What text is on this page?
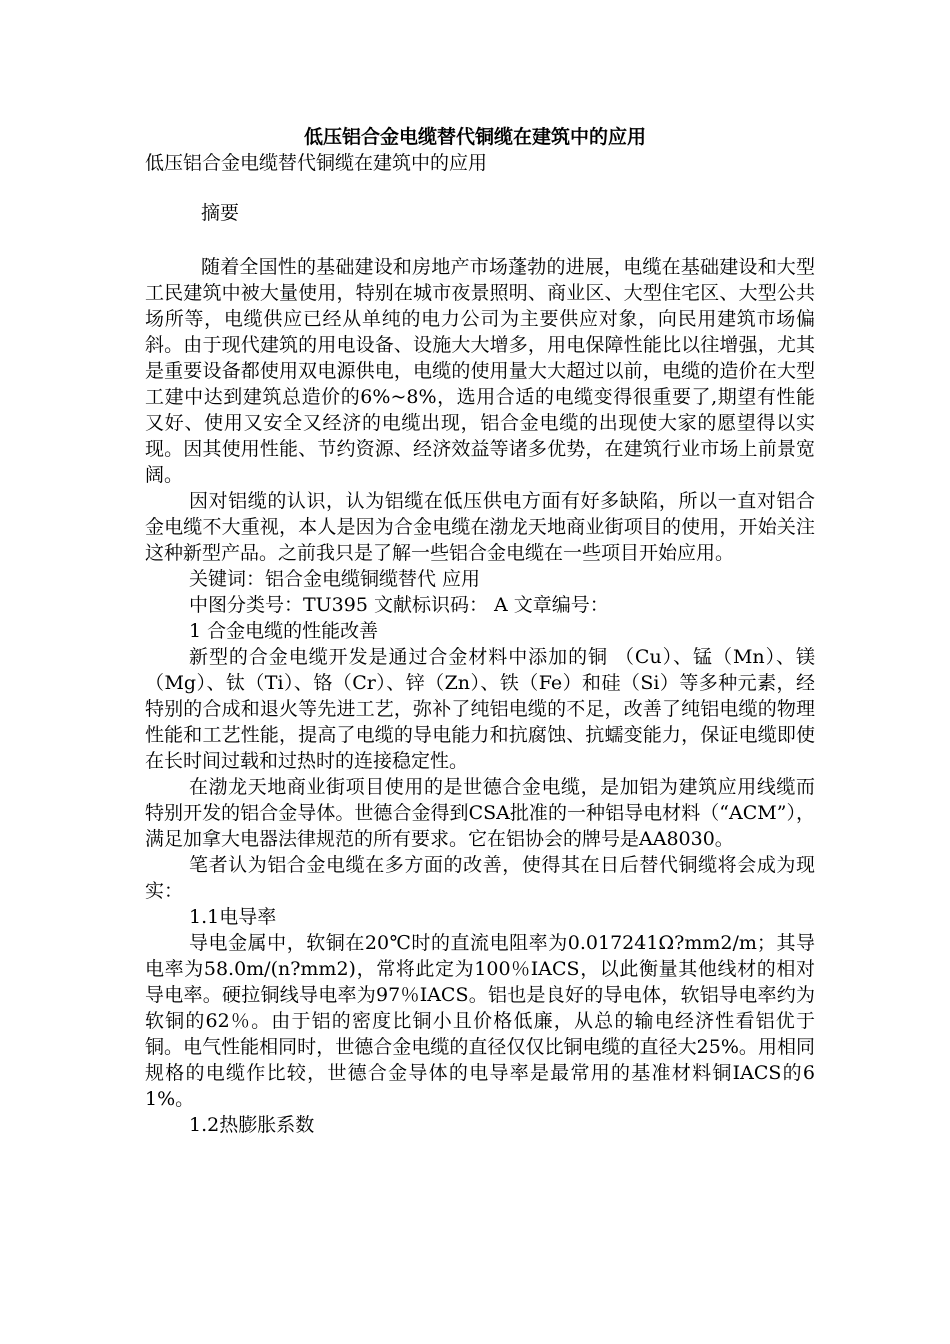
低压铝合金电缆替代铜缆在建筑中的应用

低压铝合金电缆替代铜缆在建筑中的应用

摘要

随着全国性的基础建设和房地产市场蓬勃的进展，电缆在基础建设和大型工民建筑中被大量使用，特别在城市夜景照明、商业区、大型住宅区、大型公共场所等，电缆供应已经从单纯的电力公司为主要供应对象，向民用建筑市场偏斜。由于现代建筑的用电设备、设施大大增多，用电保障性能比以往增强，尤其是重要设备都使用双电源供电，电缆的使用量大大超过以前，电缆的造价在大型工建中达到建筑总造价的6%~8%，选用合适的电缆变得很重要了,期望有性能又好、使用又安全又经济的电缆出现，铝合金电缆的出现使大家的愿望得以实现。因其使用性能、节约资源、经济效益等诸多优势，在建筑行业市场上前景宽阔。

因对铝缆的认识，认为铝缆在低压供电方面有好多缺陷，所以一直对铝合金电缆不大重视，本人是因为合金电缆在渤龙天地商业街项目的使用，开始关注这种新型产品。之前我只是了解一些铝合金电缆在一些项目开始应用。

关键词：铝合金电缆铜缆替代 应用

中图分类号：TU395 文献标识码： A 文章编号：

1 合金电缆的性能改善

新型的合金电缆开发是通过合金材料中添加的铜 （Cu）、锰（Mn）、镁（Mg）、钛（Ti）、铬（Cr）、锌（Zn）、铁（Fe）和硅（Si）等多种元素，经特别的合成和退火等先进工艺，弥补了纯铝电缆的不足，改善了纯铝电缆的物理性能和工艺性能，提高了电缆的导电能力和抗腐蚀、抗蠕变能力，保证电缆即使在长时间过载和过热时的连接稳定性。

在渤龙天地商业街项目使用的是世德合金电缆，是加铝为建筑应用线缆而特别开发的铝合金导体。世德合金得到CSA批准的一种铝导电材料（“ACM”），满足加拿大电器法律规范的所有要求。它在铝协会的牌号是AA8030。

笔者认为铝合金电缆在多方面的改善，使得其在日后替代铜缆将会成为现实：

1.1电导率

导电金属中，软铜在20℃时的直流电阻率为0.017241Ω?mm2/m；其导电率为58.0m/(n?mm2)，常将此定为100％IACS，以此衡量其他线材的相对导电率。硬拉铜线导电率为97％IACS。铝也是良好的导电体，软铝导电率约为软铜的62％。由于铝的密度比铜小且价格低廉，从总的输电经济性看铝优于铜。电气性能相同时，世德合金电缆的直径仅仅比铜电缆的直径大25%。用相同规格的电缆作比较，世德合金导体的电导率是最常用的基准材料铜IACS的61%。

1.2热膨胀系数
